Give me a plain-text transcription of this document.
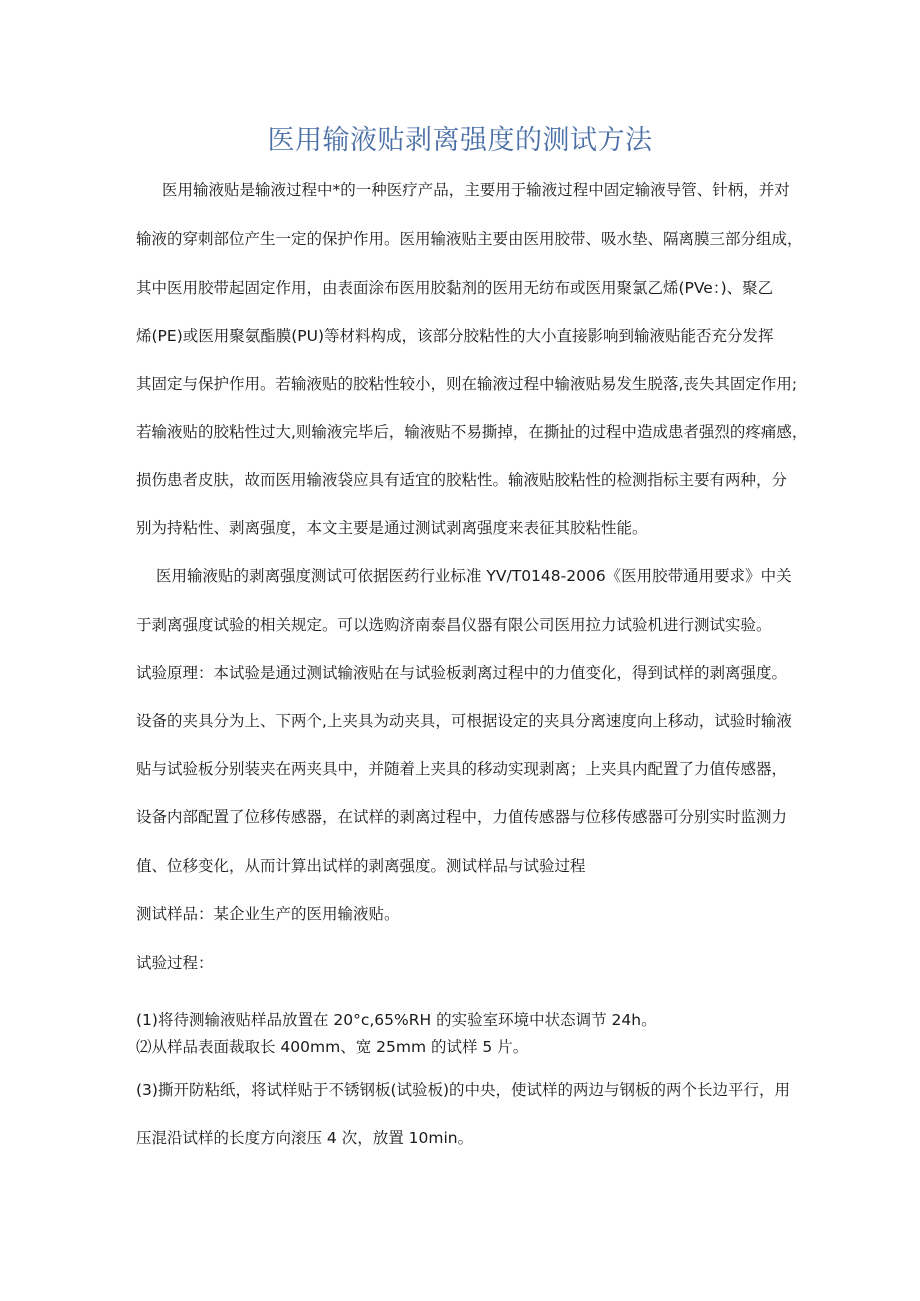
医用输液贴剥离强度的测试方法

医用输液贴是输液过程中*的一种医疗产品，主要用于输液过程中固定输液导管、针柄，并对

输液的穿刺部位产生一定的保护作用。医用输液贴主要由医用胶带、吸水垫、隔离膜三部分组成，

其中医用胶带起固定作用，由表面涂布医用胶黏剂的医用无纺布或医用聚氯乙烯(PVe：)、聚乙

烯(PE)或医用聚氨酯膜(PU)等材料构成，该部分胶粘性的大小直接影响到输液贴能否充分发挥

其固定与保护作用。若输液贴的胶粘性较小，则在输液过程中输液贴易发生脱落,丧失其固定作用;

若输液贴的胶粘性过大,则输液完毕后，输液贴不易撕掉，在撕扯的过程中造成患者强烈的疼痛感，

损伤患者皮肤，故而医用输液袋应具有适宜的胶粘性。输液贴胶粘性的检测指标主要有两种，分

别为持粘性、剥离强度，本文主要是通过测试剥离强度来表征其胶粘性能。

医用输液贴的剥离强度测试可依据医药行业标准 YV/T0148-2006《医用胶带通用要求》中关

于剥离强度试验的相关规定。可以选购济南泰昌仪器有限公司医用拉力试验机进行测试实验。

试验原理：本试验是通过测试输液贴在与试验板剥离过程中的力值变化，得到试样的剥离强度。

设备的夹具分为上、下两个,上夹具为动夹具，可根据设定的夹具分离速度向上移动，试验时输液

贴与试验板分别装夹在两夹具中，并随着上夹具的移动实现剥离；上夹具内配置了力值传感器，

设备内部配置了位移传感器，在试样的剥离过程中，力值传感器与位移传感器可分别实时监测力

值、位移变化，从而计算出试样的剥离强度。测试样品与试验过程

测试样品：某企业生产的医用输液贴。

试验过程：

(1)将待测输液贴样品放置在 20°c,65%RH 的实验室环境中状态调节 24h。

⑵从样品表面裁取长 400mm、宽 25mm 的试样 5 片。

(3)撕开防粘纸，将试样贴于不锈钢板(试验板)的中央，使试样的两边与钢板的两个长边平行，用

压混沿试样的长度方向滚压 4 次，放置 10min。
